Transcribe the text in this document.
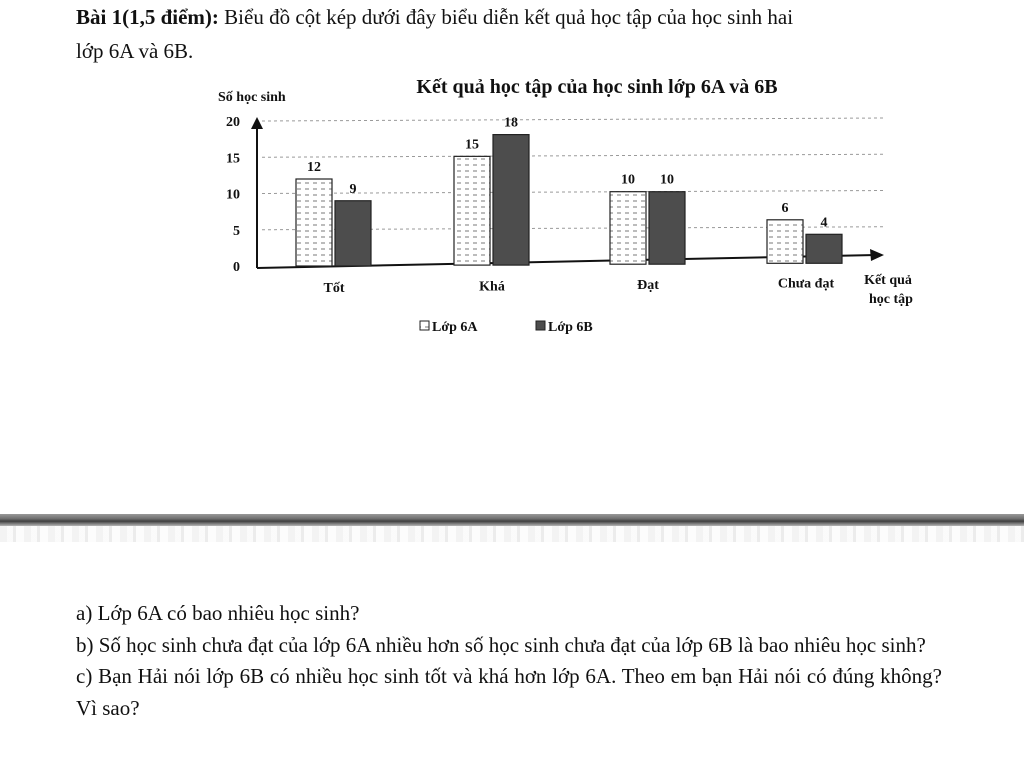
Bài 1(1,5 điểm): Biểu đồ cột kép dưới đây biểu diễn kết quả học tập của học sinh hai
lớp 6A và 6B.

Kết quả học tập của học sinh lớp 6A và 6B
Số học sinh
0
5
10
15
20
12
9
15
18
10 10
6
4
Tốt	Khá	Đạt	Chưa đạt Kết quả
học tập
Lớp 6A	Lớp 6B

a) Lớp 6A có bao nhiêu học sinh?

b) Số học sinh chưa đạt của lớp 6A nhiều hơn số học sinh chưa đạt của lớp 6B là bao nhiêu học sinh?

c) Bạn Hải nói lớp 6B có nhiều học sinh tốt và khá hơn lớp 6A. Theo em bạn Hải nói có đúng không? Vì sao?
